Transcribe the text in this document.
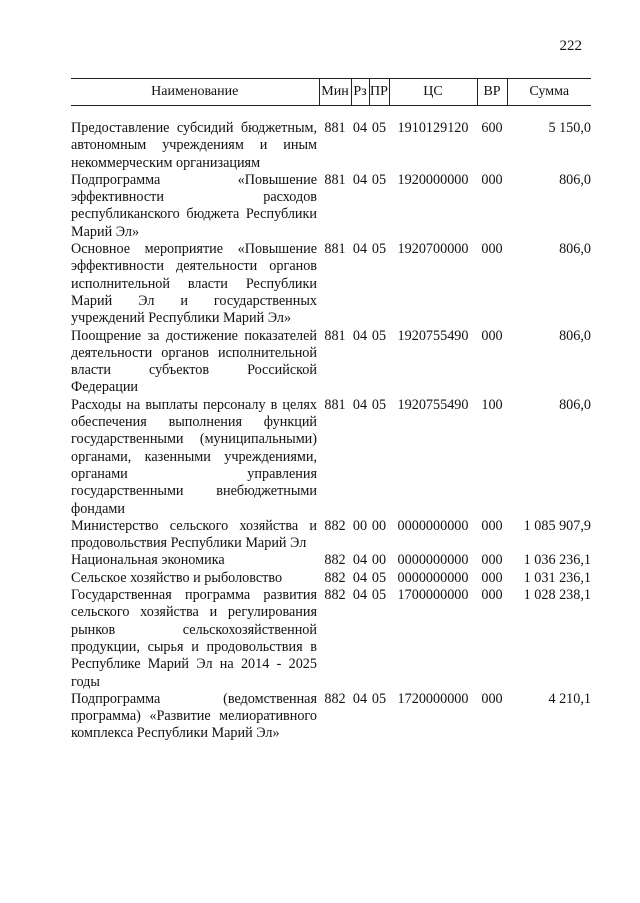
222
Наименование	Мин	Рз	ПР	ЦС	ВР	Сумма

Предоставление субсидий бюджетным, автономным учреждениям и иным некоммерческим организациям	881	04	05	1910129120	600	5 150,0
Подпрограмма «Повышение эффективности расходов республиканского бюджета Республики Марий Эл»	881	04	05	1920000000	000	806,0
Основное мероприятие «Повышение эффективности деятельности органов исполнительной власти Республики Марий Эл и государственных учреждений Республики Марий Эл»	881	04	05	1920700000	000	806,0
Поощрение за достижение показателей деятельности органов исполнительной власти субъектов Российской Федерации	881	04	05	1920755490	000	806,0
Расходы на выплаты персоналу в целях обеспечения выполнения функций государственными (муниципальными) органами, казенными учреждениями, органами управления государственными внебюджетными фондами	881	04	05	1920755490	100	806,0
Министерство сельского хозяйства и продовольствия Республики Марий Эл	882	00	00	0000000000	000	1 085 907,9
Национальная экономика	882	04	00	0000000000	000	1 036 236,1
Сельское хозяйство и рыболовство	882	04	05	0000000000	000	1 031 236,1
Государственная программа развития сельского хозяйства и регулирования рынков сельскохозяйственной продукции, сырья и продовольствия в Республике Марий Эл на 2014 - 2025 годы	882	04	05	1700000000	000	1 028 238,1
Подпрограмма (ведомственная программа) «Развитие мелиоративного комплекса Республики Марий Эл»	882	04	05	1720000000	000	4 210,1
